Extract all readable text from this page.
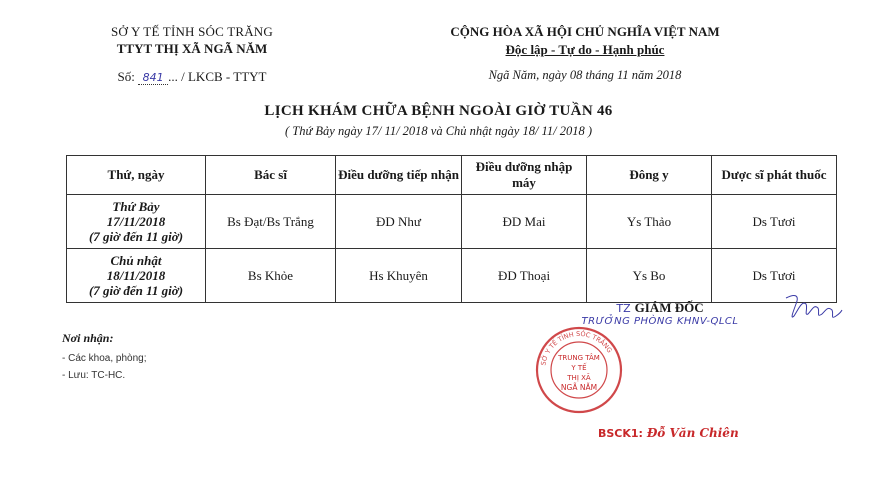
SỞ Y TẾ TỈNH SÓC TRĂNG
TTYT THỊ XÃ NGÃ NĂM
Số: 841 ... / LKCB - TTYT
CỘNG HÒA XÃ HỘI CHỦ NGHĨA VIỆT NAM
Độc lập - Tự do - Hạnh phúc
Ngã Năm, ngày 08 tháng 11 năm 2018
LỊCH KHÁM CHỮA BỆNH NGOÀI GIỜ TUẦN 46
( Thứ Bảy ngày 17/ 11/ 2018 và Chủ nhật ngày 18/ 11/ 2018 )
Thứ, ngày	Bác sĩ	Điều dưỡng tiếp nhận	Điều dưỡng nhập máy	Đông y	Dược sĩ phát thuốc

Thứ Bảy
17/11/2018
(7 giờ đến 11 giờ)	Bs Đạt/Bs Trắng	ĐD Như	ĐD Mai	Ys Thảo	Ds Tươi

Chủ nhật
18/11/2018
(7 giờ đến 11 giờ)	Bs Khỏe	Hs Khuyên	ĐD Thoại	Ys Bo	Ds Tươi
Nơi nhận:
- Các khoa, phòng;
- Lưu: TC-HC.
TZ GIÁM ĐỐC
TRƯỞNG PHÒNG KHNV-QLCL
SỞ Y TẾ TỈNH SÓC TRĂNG
TRUNG TÂM
Y TẾ
THỊ XÃ
NGÃ NĂM
BSCK1: Đỗ Văn Chiên
